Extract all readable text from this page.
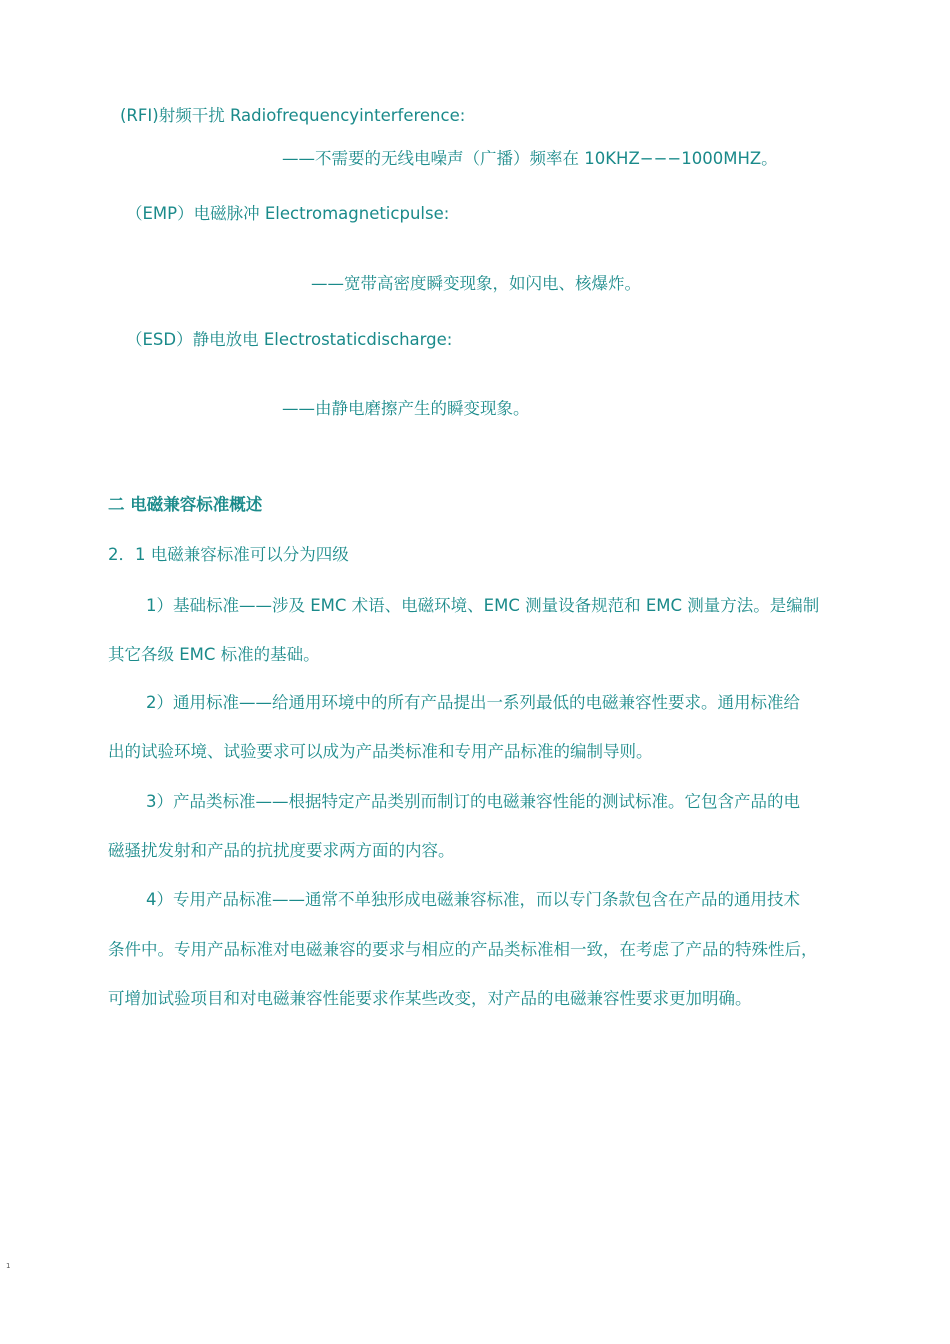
(RFI)射频干扰 Radiofrequencyinterference:
——不需要的无线电噪声（广播）频率在 10KHZ−−−1000MHZ。
（EMP）电磁脉冲 Electromagneticpulse:
——宽带高密度瞬变现象，如闪电、核爆炸。
（ESD）静电放电 Electrostaticdischarge:
——由静电磨擦产生的瞬变现象。
二 电磁兼容标准概述
2．1 电磁兼容标准可以分为四级
1）基础标准——涉及 EMC 术语、电磁环境、EMC 测量设备规范和 EMC 测量方法。是编制
其它各级 EMC 标准的基础。
2）通用标准——给通用环境中的所有产品提出一系列最低的电磁兼容性要求。通用标准给
出的试验环境、试验要求可以成为产品类标准和专用产品标准的编制导则。
3）产品类标准——根据特定产品类别而制订的电磁兼容性能的测试标准。它包含产品的电
磁骚扰发射和产品的抗扰度要求两方面的内容。
4）专用产品标准——通常不单独形成电磁兼容标准，而以专门条款包含在产品的通用技术
条件中。专用产品标准对电磁兼容的要求与相应的产品类标准相一致，在考虑了产品的特殊性后，
可增加试验项目和对电磁兼容性能要求作某些改变，对产品的电磁兼容性要求更加明确。
1
